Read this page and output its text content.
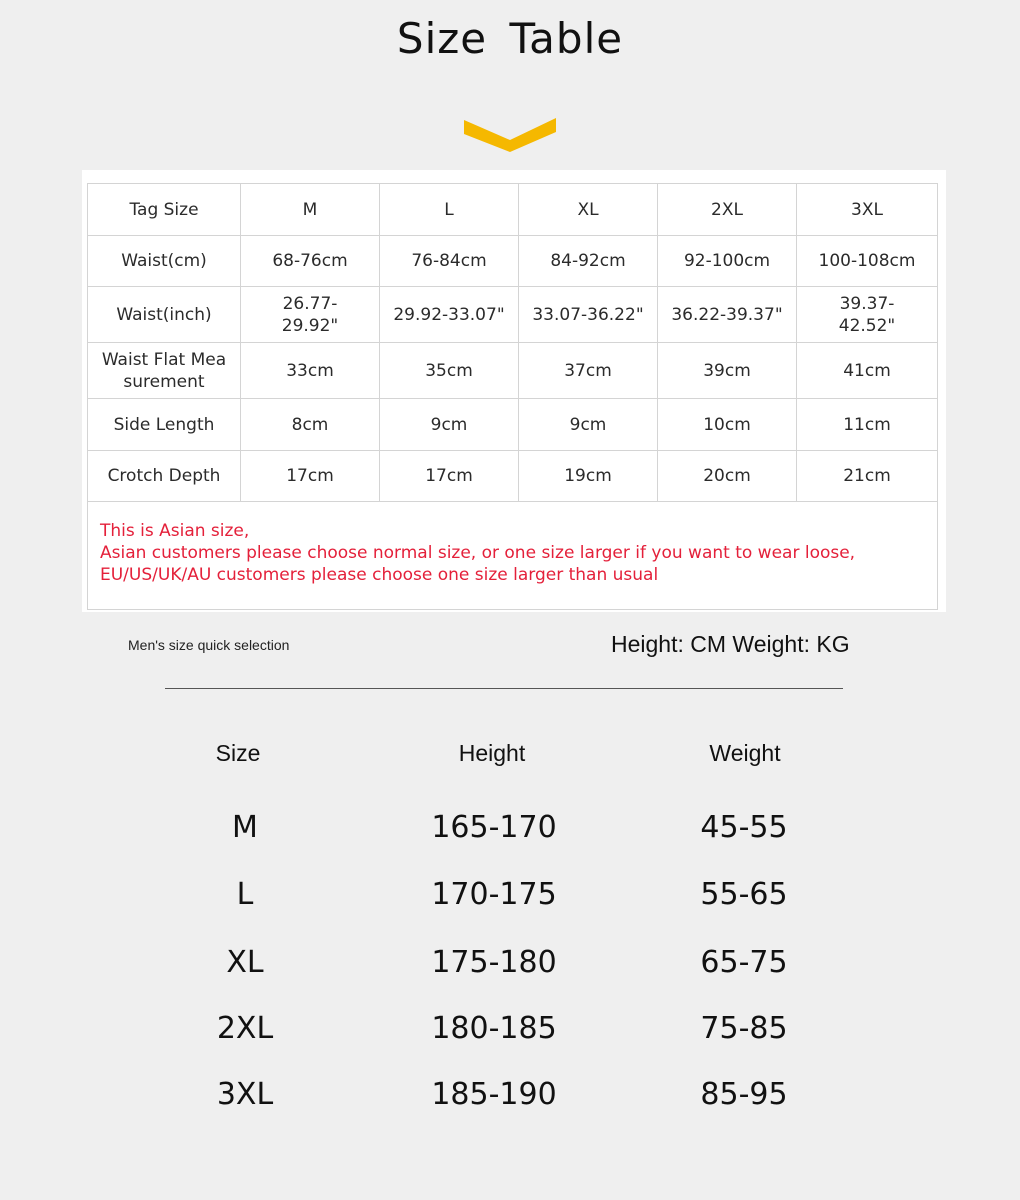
Size Table
Tag Size	M	L	XL	2XL	3XL
Waist(cm)	68-76cm	76-84cm	84-92cm	92-100cm	100-108cm
Waist(inch)	26.77-29.92"	29.92-33.07"	33.07-36.22"	36.22-39.37"	39.37-42.52"
Waist Flat Measurement	33cm	35cm	37cm	39cm	41cm
Side Length	8cm	9cm	9cm	10cm	11cm
Crotch Depth	17cm	17cm	19cm	20cm	21cm

This is Asian size,
Asian customers please choose normal size, or one size larger if you want to wear loose,
EU/US/UK/AU customers please choose one size larger than usual					
Men's size quick selection	Height: CM Weight: KG
Size	Height	Weight
M	165-170	45-55
L	170-175	55-65
XL	175-180	65-75
2XL	180-185	75-85
3XL	185-190	85-95
